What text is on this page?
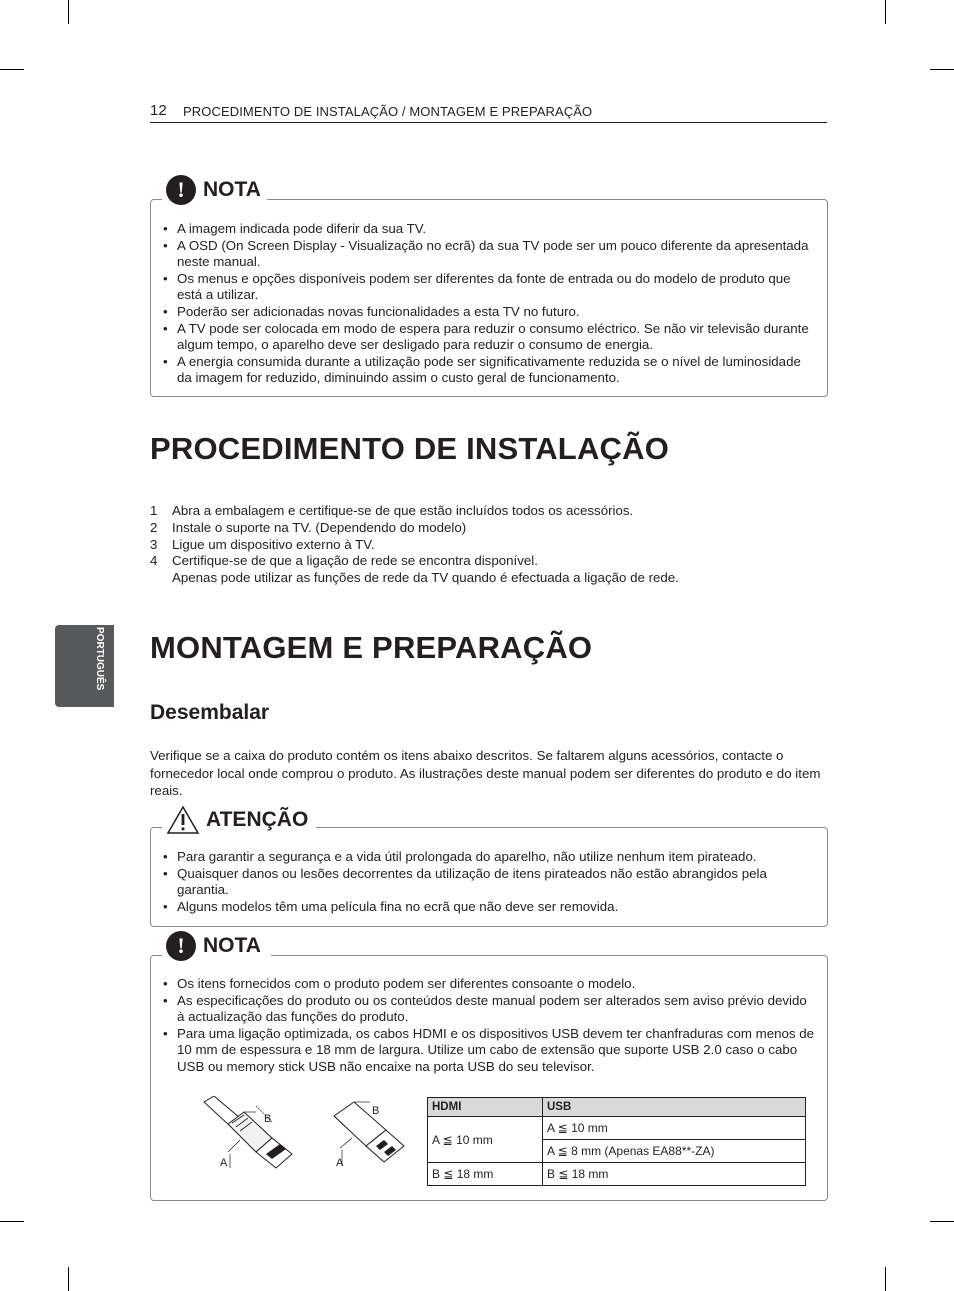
12 PROCEDIMENTO DE INSTALAÇÃO / MONTAGEM E PREPARAÇÃO
PORTUGUÊS
! NOTA
• A imagem indicada pode diferir da sua TV.
• A OSD (On Screen Display - Visualização no ecrã) da sua TV pode ser um pouco diferente da apresentada neste manual.
• Os menus e opções disponíveis podem ser diferentes da fonte de entrada ou do modelo de produto que está a utilizar.
• Poderão ser adicionadas novas funcionalidades a esta TV no futuro.
• A TV pode ser colocada em modo de espera para reduzir o consumo eléctrico. Se não vir televisão durante algum tempo, o aparelho deve ser desligado para reduzir o consumo de energia.
• A energia consumida durante a utilização pode ser significativamente reduzida se o nível de luminosidade da imagem for reduzido, diminuindo assim o custo geral de funcionamento.
PROCEDIMENTO DE INSTALAÇÃO
1 Abra a embalagem e certifique-se de que estão incluídos todos os acessórios.
2 Instale o suporte na TV. (Dependendo do modelo)
3 Ligue um dispositivo externo à TV.
4 Certifique-se de que a ligação de rede se encontra disponível.
Apenas pode utilizar as funções de rede da TV quando é efectuada a ligação de rede.
MONTAGEM E PREPARAÇÃO
Desembalar
Verifique se a caixa do produto contém os itens abaixo descritos. Se faltarem alguns acessórios, contacte o fornecedor local onde comprou o produto. As ilustrações deste manual podem ser diferentes do produto e do item reais.
ATENÇÃO
• Para garantir a segurança e a vida útil prolongada do aparelho, não utilize nenhum item pirateado.
• Quaisquer danos ou lesões decorrentes da utilização de itens pirateados não estão abrangidos pela garantia.
• Alguns modelos têm uma película fina no ecrã que não deve ser removida.
! NOTA
• Os itens fornecidos com o produto podem ser diferentes consoante o modelo.
• As especificações do produto ou os conteúdos deste manual podem ser alterados sem aviso prévio devido à actualização das funções do produto.
• Para uma ligação optimizada, os cabos HDMI e os dispositivos USB devem ter chanfraduras com menos de 10 mm de espessura e 18 mm de largura. Utilize um cabo de extensão que suporte USB 2.0 caso o cabo USB ou memory stick USB não encaixe na porta USB do seu televisor.
B
A
B
A
HDMI	USB
A ≦ 10 mm	A ≦ 10 mm
	A ≦ 8 mm (Apenas EA88**-ZA)
B ≦ 18 mm	B ≦ 18 mm
